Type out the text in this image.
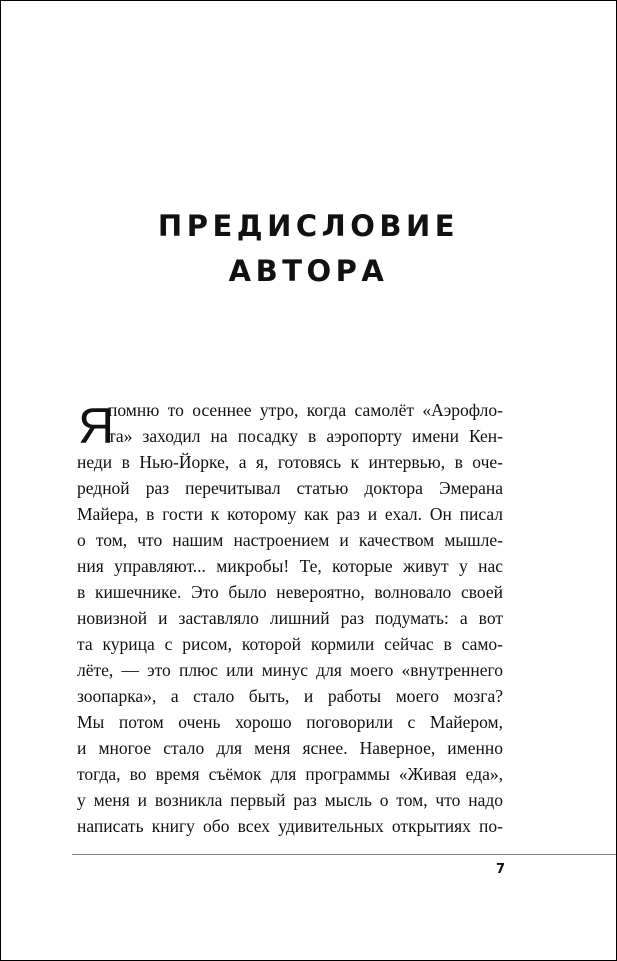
ПРЕДИСЛОВИЕ
АВТОРА
Я
помню то осеннее утро, когда самолёт «Аэрофло-
та» заходил на посадку в аэропорту имени Кен-
неди в Нью-Йорке, а я, готовясь к интервью, в оче-
редной раз перечитывал статью доктора Эмерана
Майера, в гости к которому как раз и ехал. Он писал
о том, что нашим настроением и качеством мышле-
ния управляют... микробы! Те, которые живут у нас
в кишечнике. Это было невероятно, волновало своей
новизной и заставляло лишний раз подумать: а вот
та курица с рисом, которой кормили сейчас в само-
лёте, — это плюс или минус для моего «внутреннего
зоопарка», а стало быть, и работы моего мозга?
Мы потом очень хорошо поговорили с Майером,
и многое стало для меня яснее. Наверное, именно
тогда, во время съёмок для программы «Живая еда»,
у меня и возникла первый раз мысль о том, что надо
написать книгу обо всех удивительных открытиях по-
7
